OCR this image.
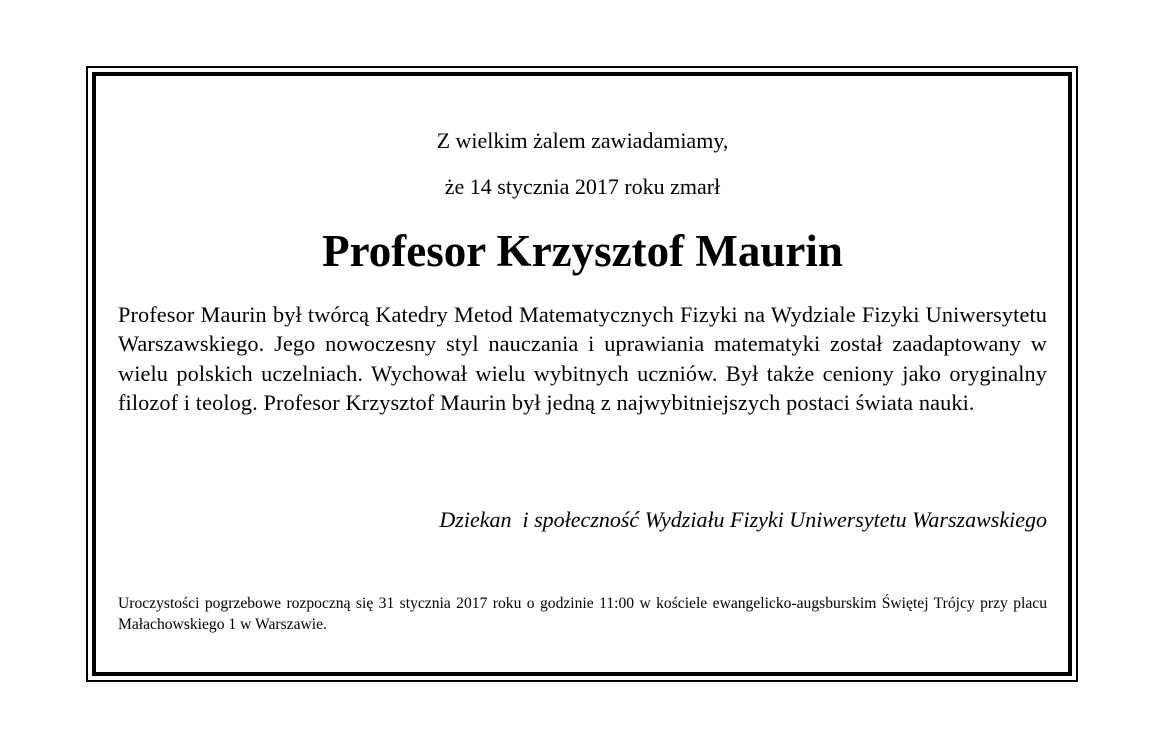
Z wielkim żalem zawiadamiamy,

że 14 stycznia 2017 roku zmarł

Profesor Krzysztof Maurin

Profesor Maurin był twórcą Katedry Metod Matematycznych Fizyki na Wydziale Fizyki Uniwersytetu Warszawskiego. Jego nowoczesny styl nauczania i uprawiania matematyki został zaadaptowany w wielu polskich uczelniach. Wychował wielu wybitnych uczniów. Był także ceniony jako oryginalny filozof i teolog. Profesor Krzysztof Maurin był jedną z najwybitniejszych postaci świata nauki.

Dziekan  i społeczność Wydziału Fizyki Uniwersytetu Warszawskiego

Uroczystości pogrzebowe rozpoczną się 31 stycznia 2017 roku o godzinie 11:00 w kościele ewangelicko-augsburskim Świętej Trójcy przy placu Małachowskiego 1 w Warszawie.
